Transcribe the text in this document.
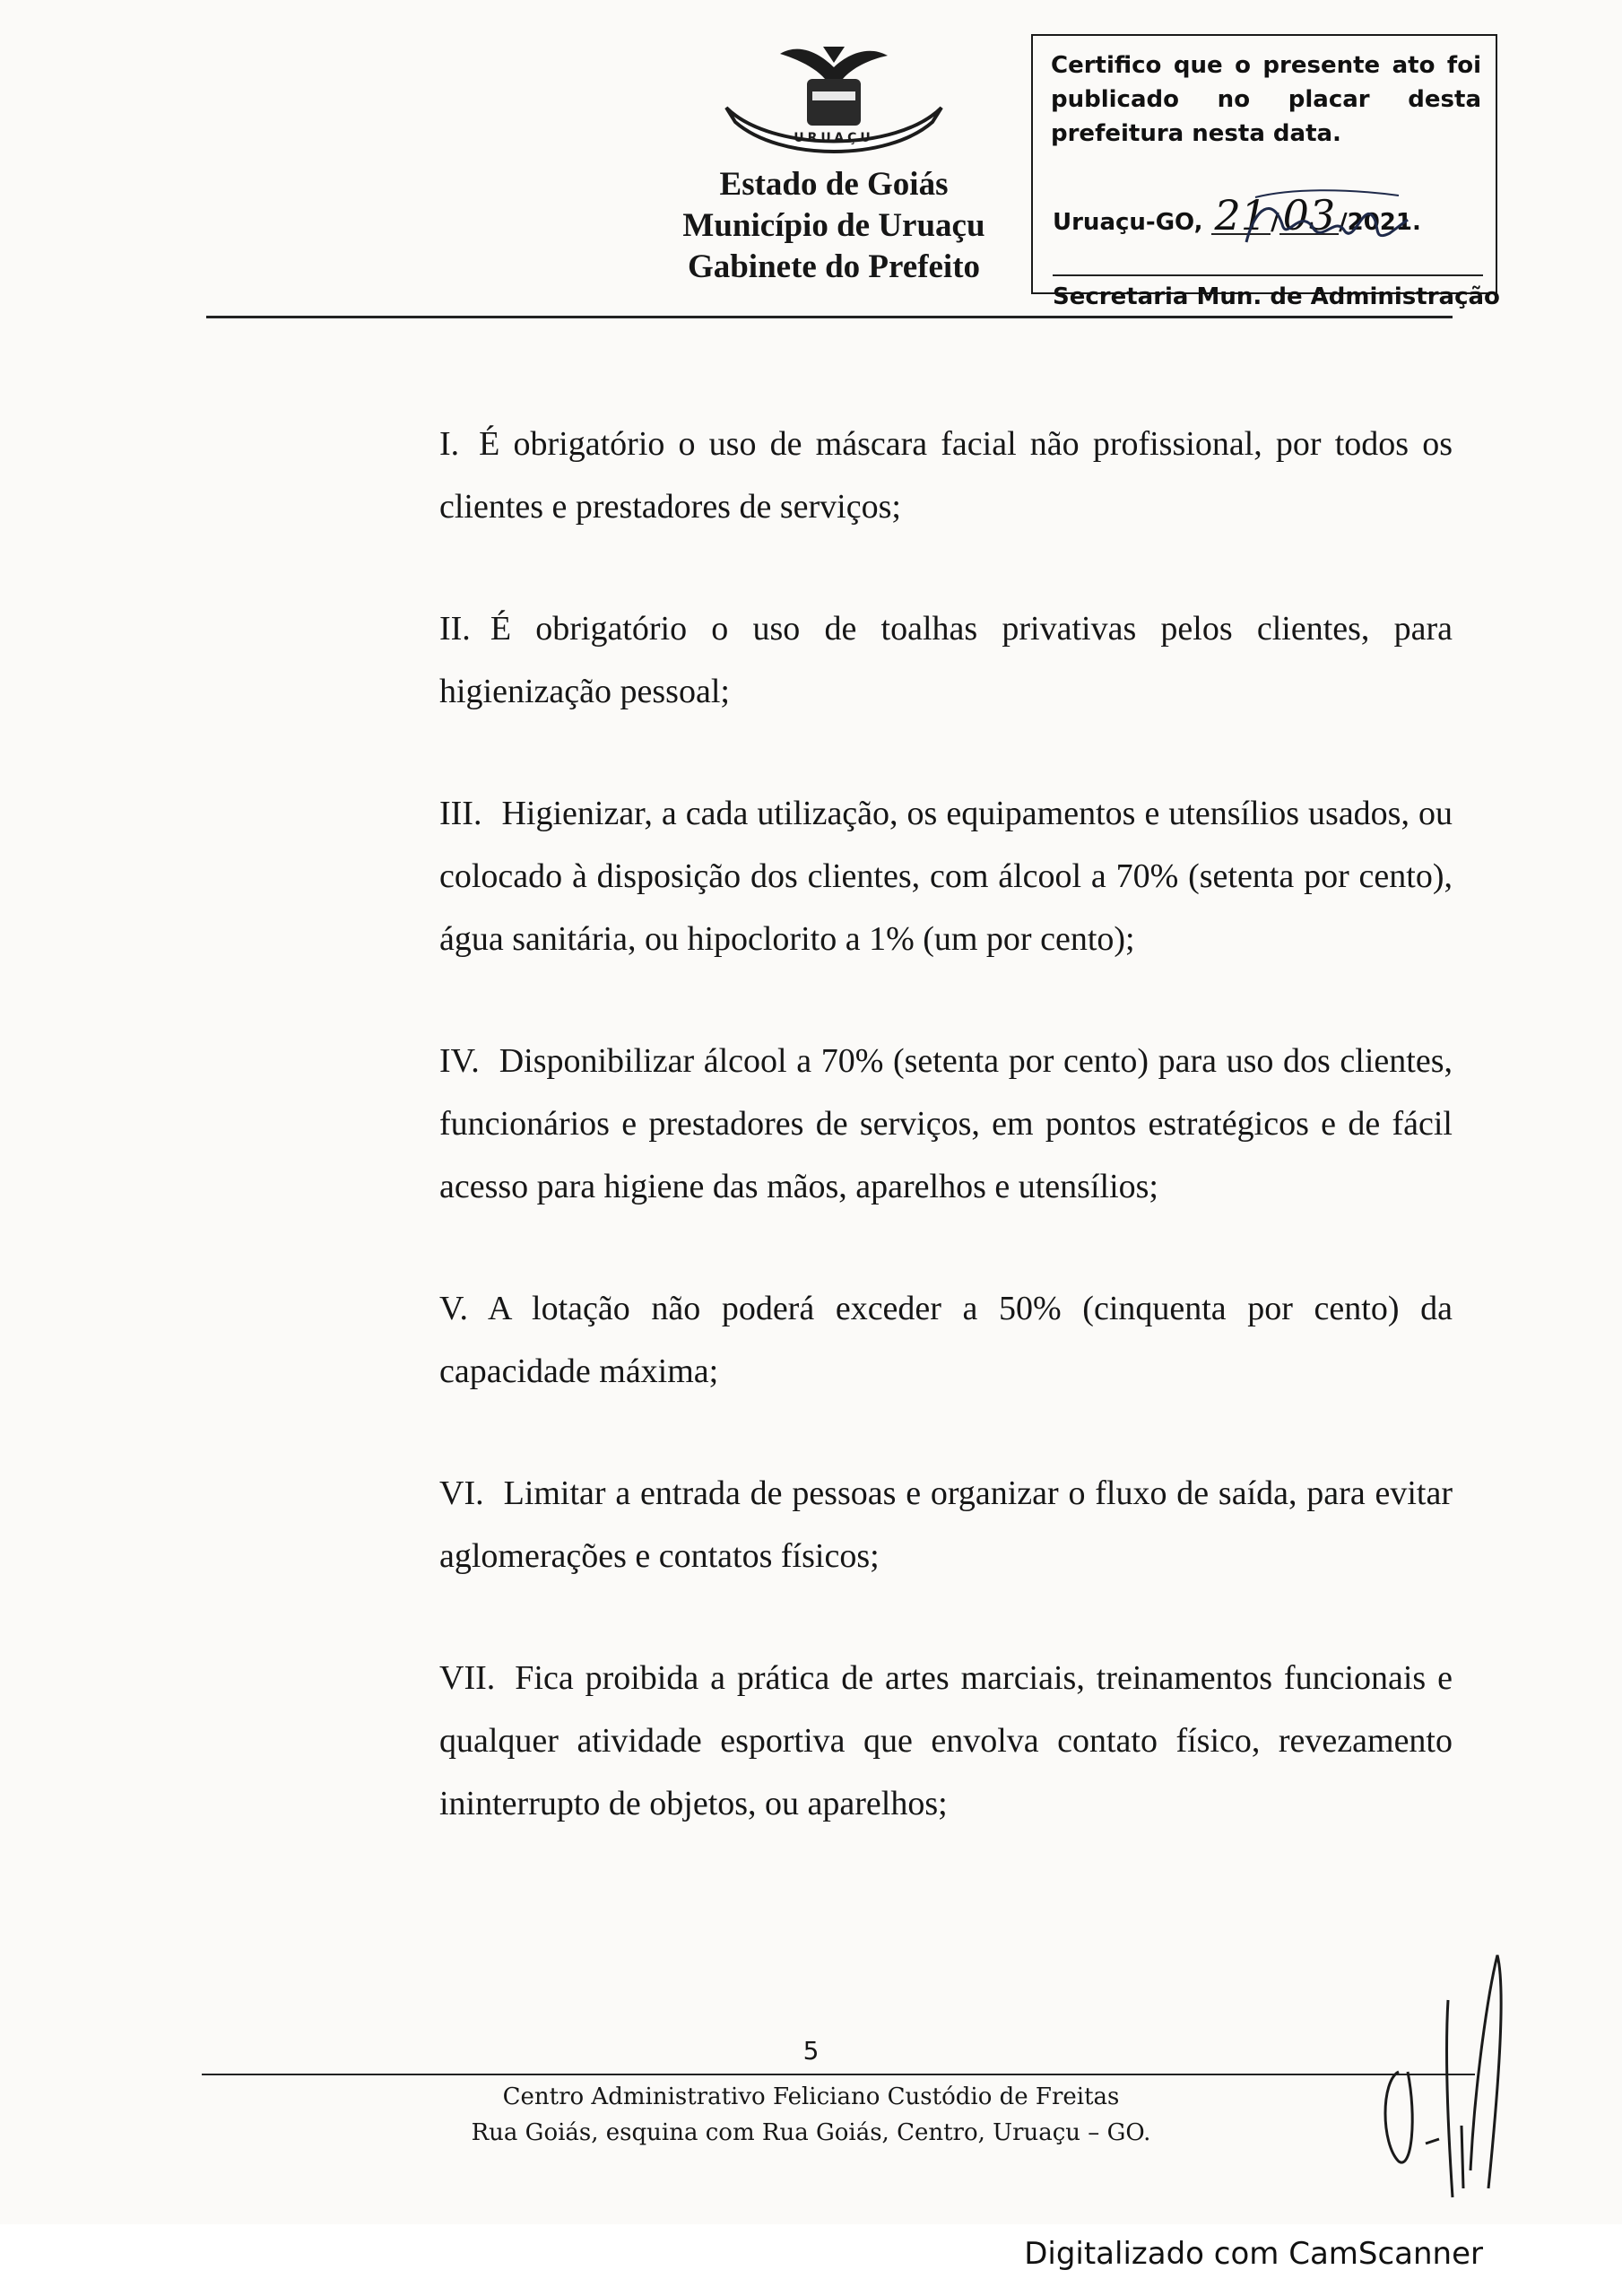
URUAÇU
Estado de Goiás
Município de Uruaçu
Gabinete do Prefeito
Certifico que o presente ato foi publicado no placar desta prefeitura nesta data.
Uruaçu-GO, 21 /03 /2021.
Secretaria Mun. de Administração

I. É obrigatório o uso de máscara facial não profissional, por todos os clientes e prestadores de serviços;

II. É obrigatório o uso de toalhas privativas pelos clientes, para higienização pessoal;

III. Higienizar, a cada utilização, os equipamentos e utensílios usados, ou colocado à disposição dos clientes, com álcool a 70% (setenta por cento), água sanitária, ou hipoclorito a 1% (um por cento);

IV. Disponibilizar álcool a 70% (setenta por cento) para uso dos clientes, funcionários e prestadores de serviços, em pontos estratégicos e de fácil acesso para higiene das mãos, aparelhos e utensílios;

V. A lotação não poderá exceder a 50% (cinquenta por cento) da capacidade máxima;

VI. Limitar a entrada de pessoas e organizar o fluxo de saída, para evitar aglomerações e contatos físicos;

VII. Fica proibida a prática de artes marciais, treinamentos funcionais e qualquer atividade esportiva que envolva contato físico, revezamento ininterrupto de objetos, ou aparelhos;

5
Centro Administrativo Feliciano Custódio de Freitas
Rua Goiás, esquina com Rua Goiás, Centro, Uruaçu – GO.
Digitalizado com CamScanner
